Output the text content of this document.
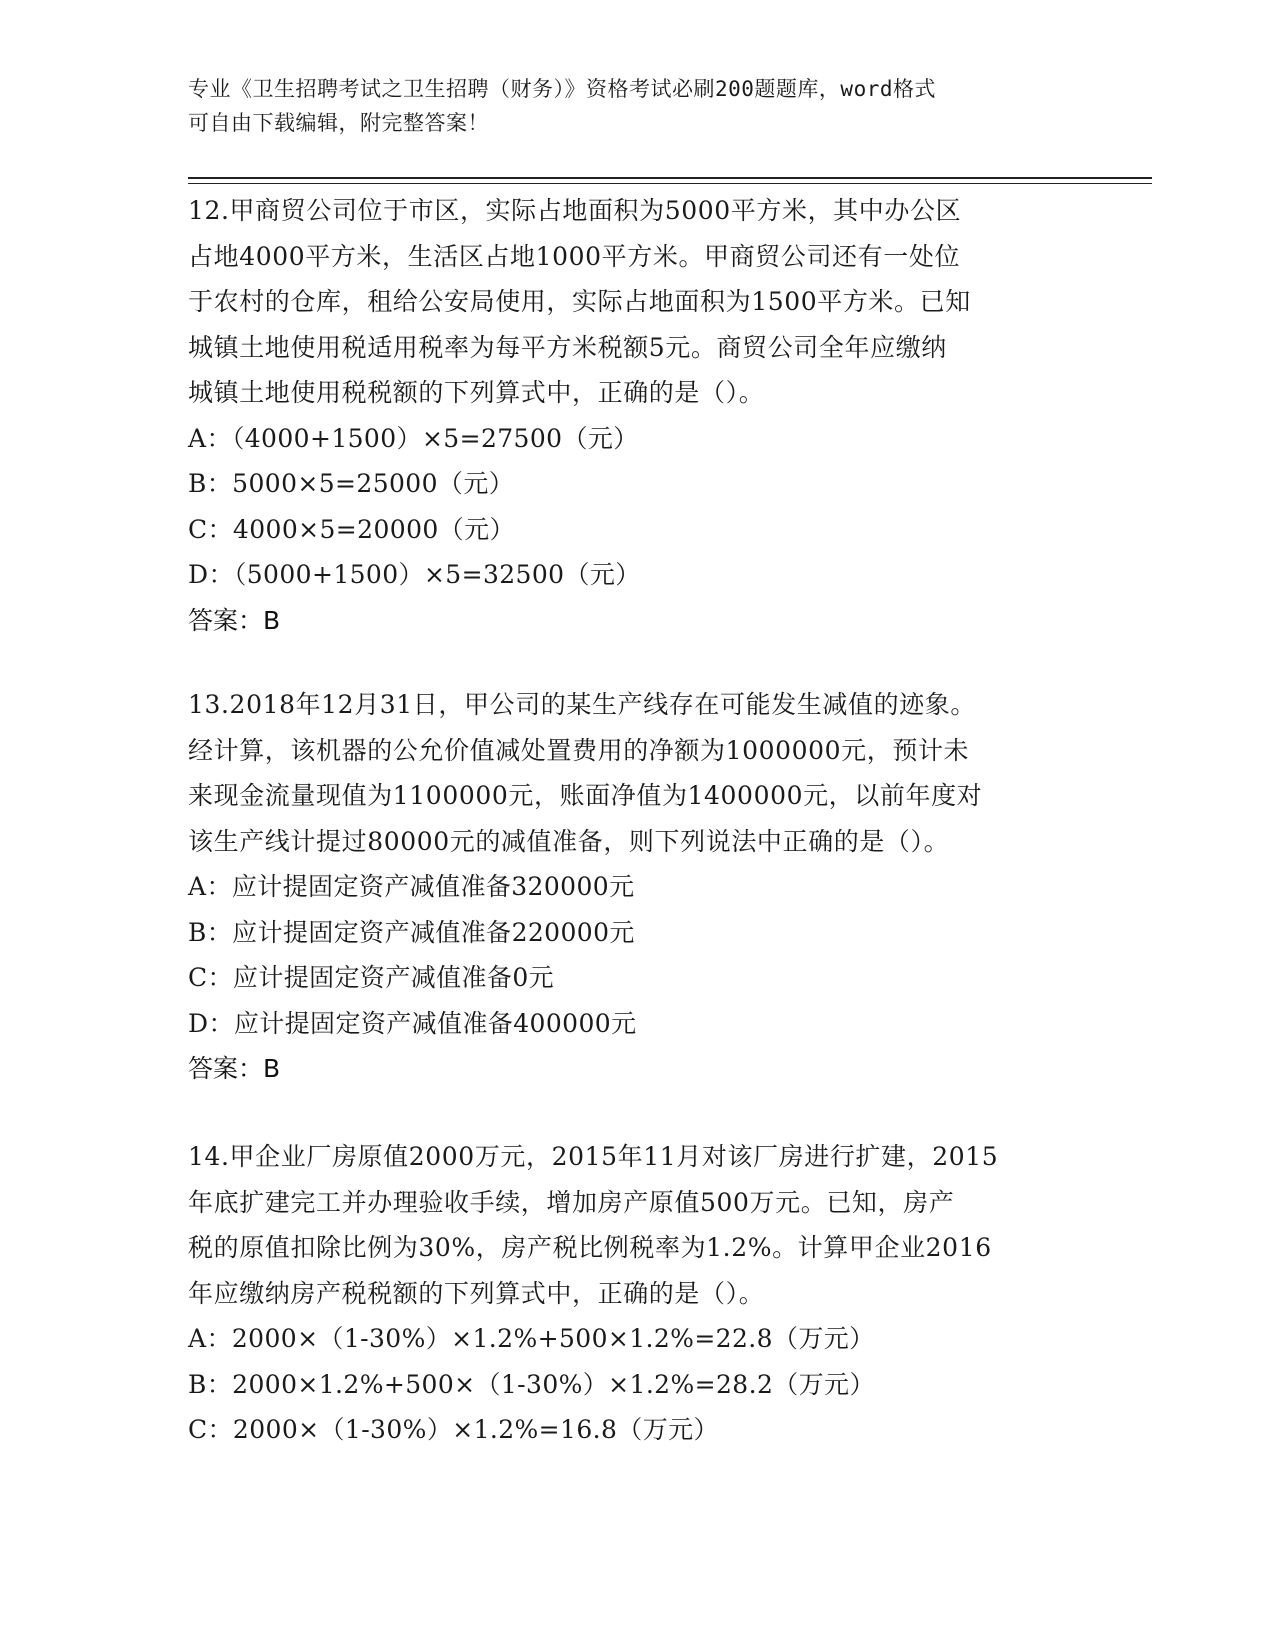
专业《卫生招聘考试之卫生招聘（财务）》资格考试必刷200题题库，word格式
可自由下载编辑，附完整答案！
12.甲商贸公司位于市区，实际占地面积为5000平方米，其中办公区
占地4000平方米，生活区占地1000平方米。甲商贸公司还有一处位
于农村的仓库，租给公安局使用，实际占地面积为1500平方米。已知
城镇土地使用税适用税率为每平方米税额5元。商贸公司全年应缴纳
城镇土地使用税税额的下列算式中，正确的是（）。
A：（4000+1500）×5=27500（元）
B：5000×5=25000（元）
C：4000×5=20000（元）
D：（5000+1500）×5=32500（元）
答案：B
13.2018年12月31日，甲公司的某生产线存在可能发生减值的迹象。
经计算，该机器的公允价值减处置费用的净额为1000000元，预计未
来现金流量现值为1100000元，账面净值为1400000元，以前年度对
该生产线计提过80000元的减值准备，则下列说法中正确的是（）。
A：应计提固定资产减值准备320000元
B：应计提固定资产减值准备220000元
C：应计提固定资产减值准备0元
D：应计提固定资产减值准备400000元
答案：B
14.甲企业厂房原值2000万元，2015年11月对该厂房进行扩建，2015
年底扩建完工并办理验收手续，增加房产原值500万元。已知，房产
税的原值扣除比例为30%，房产税比例税率为1.2%。计算甲企业2016
年应缴纳房产税税额的下列算式中，正确的是（）。
A：2000×（1-30%）×1.2%+500×1.2%=22.8（万元）
B：2000×1.2%+500×（1-30%）×1.2%=28.2（万元）
C：2000×（1-30%）×1.2%=16.8（万元）
